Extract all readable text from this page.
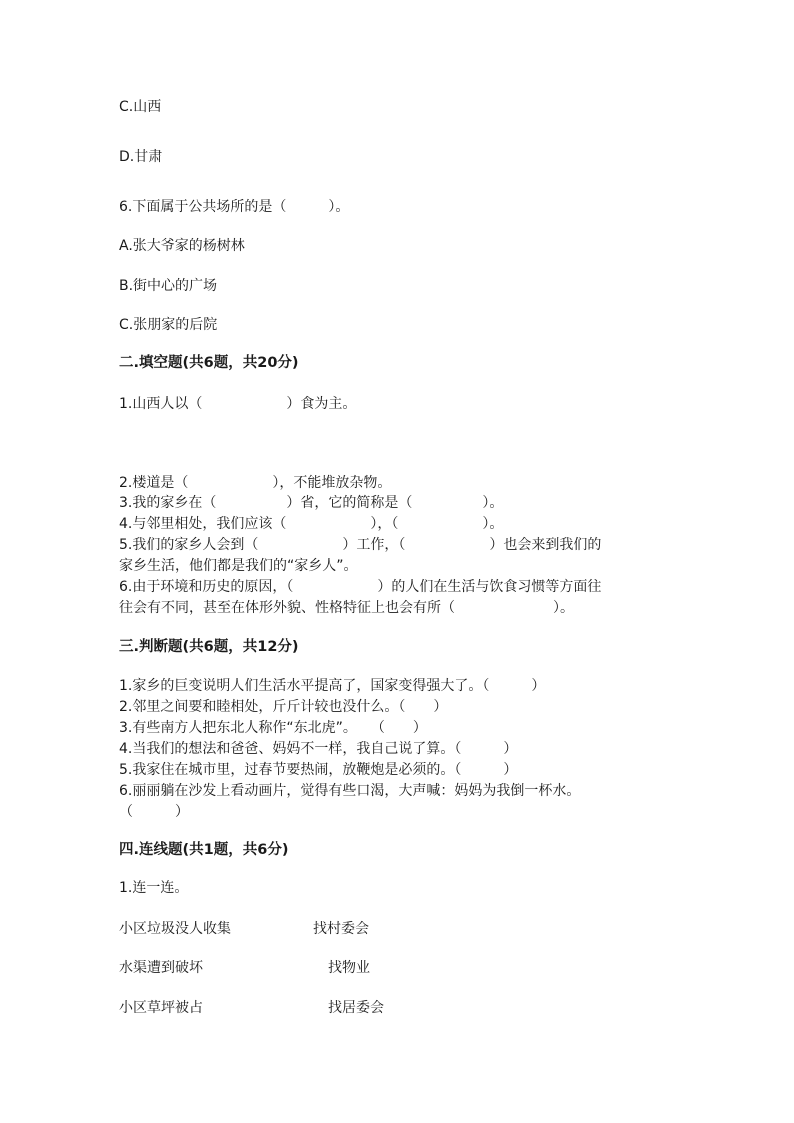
C.山西
D.甘肃
6.下面属于公共场所的是（　　　）。
A.张大爷家的杨树林
B.街中心的广场
C.张朋家的后院
二.填空题(共6题，共20分)
1.山西人以（　　　　　　）食为主。
2.楼道是（　　　　　　），不能堆放杂物。
3.我的家乡在（　　　　　）省，它的简称是（　　　　　）。
4.与邻里相处，我们应该（　　　　　　），（　　　　　　）。
5.我们的家乡人会到（　　　　　　）工作，（　　　　　　）也会来到我们的
家乡生活，他们都是我们的“家乡人”。
6.由于环境和历史的原因，（　　　　　　）的人们在生活与饮食习惯等方面往
往会有不同，甚至在体形外貌、性格特征上也会有所（　　　　　　　）。
三.判断题(共6题，共12分)
1.家乡的巨变说明人们生活水平提高了，国家变得强大了。（　　　）
2.邻里之间要和睦相处，斤斤计较也没什么。（　　）
3.有些南方人把东北人称作“东北虎”。　　（　　）
4.当我们的想法和爸爸、妈妈不一样，我自己说了算。（　　　）
5.我家住在城市里，过春节要热闹，放鞭炮是必须的。（　　　）
6.丽丽躺在沙发上看动画片，觉得有些口渴，大声喊：妈妈为我倒一杯水。
（　　　）
四.连线题(共1题，共6分)
1.连一连。
小区垃圾没人收集	找村委会
水渠遭到破坏	找物业
小区草坪被占	找居委会
